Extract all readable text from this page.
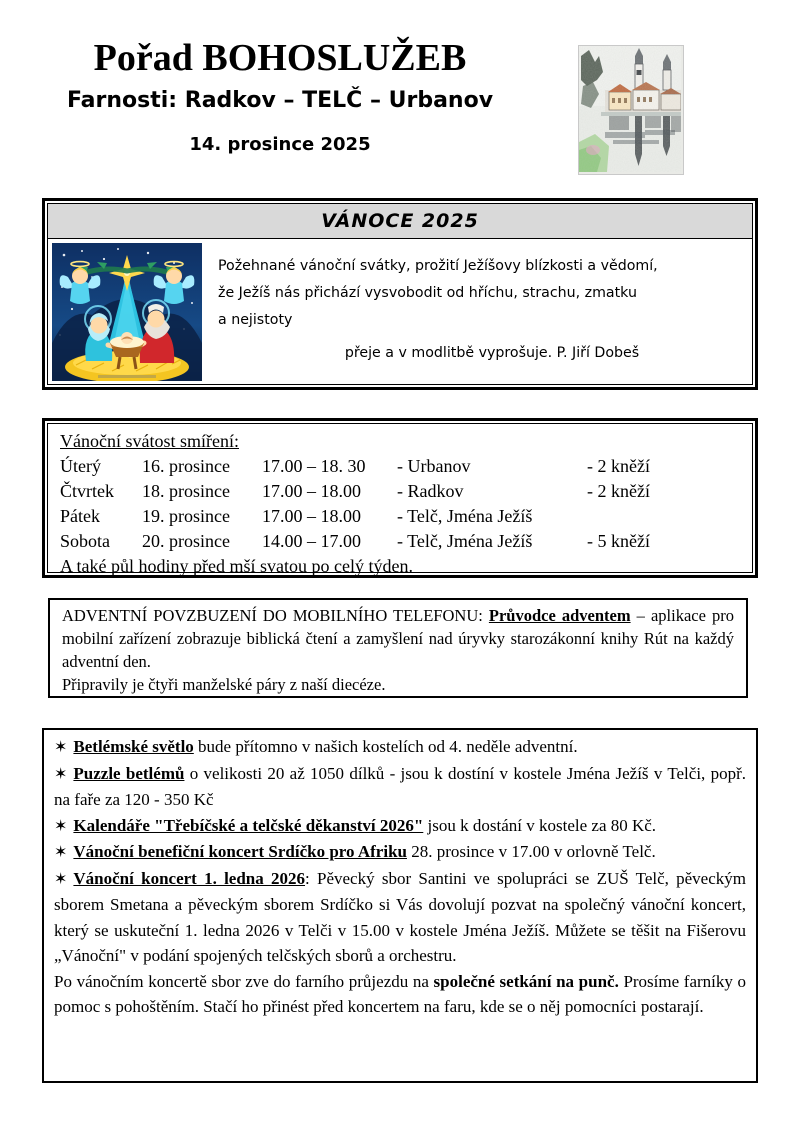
Pořad BOHOSLUŽEB
Farnosti: Radkov – TELČ – Urbanov
14. prosince 2025
VÁNOCE 2025
Požehnané vánoční svátky, prožití Ježíšovy blízkosti a vědomí,
že Ježíš nás přichází vysvobodit od hříchu, strachu, zmatku
a nejistoty
přeje a v modlitbě vyprošuje. P. Jiří Dobeš
Vánoční svátost smíření:
Úterý	16. prosince	17.00 – 18. 30	- Urbanov	- 2 kněží
Čtvrtek	18. prosince	17.00 – 18.00	- Radkov	- 2 kněží
Pátek	19. prosince	17.00 – 18.00	- Telč, Jména Ježíš	
Sobota	20. prosince	14.00 – 17.00	- Telč, Jména Ježíš	- 5 kněží
A také půl hodiny před mší svatou po celý týden.

ADVENTNÍ POVZBUZENÍ DO MOBILNÍHO TELEFONU: Průvodce adventem – aplikace pro mobilní zařízení zobrazuje biblická čtení a zamyšlení nad úryvky starozákonní knihy Rút na každý adventní den.

Připravily je čtyři manželské páry z naší diecéze.

✶ Betlémské světlo bude přítomno v našich kostelích od 4. neděle adventní.

✶ Puzzle betlémů o velikosti 20 až 1050 dílků - jsou k dostíní v kostele Jména Ježíš v Telči, popř. na faře za 120 - 350 Kč

✶ Kalendáře "Třebíčské a telčské děkanství 2026" jsou k dostání v kostele za 80 Kč.

✶ Vánoční benefiční koncert Srdíčko pro Afriku 28. prosince v 17.00 v orlovně Telč.

✶ Vánoční koncert 1. ledna 2026: Pěvecký sbor Santini ve spolupráci se ZUŠ Telč, pěveckým sborem Smetana a pěveckým sborem Srdíčko si Vás dovolují pozvat na společný vánoční koncert, který se uskuteční 1. ledna 2026 v Telči v 15.00 v kostele Jména Ježíš. Můžete se těšit na Fišerovu „Vánoční" v podání spojených telčských sborů a orchestru.

Po vánočním koncertě sbor zve do farního průjezdu na společné setkání na punč. Prosíme farníky o pomoc s pohoštěním. Stačí ho přinést před koncertem na faru, kde se o něj pomocníci postarají.
